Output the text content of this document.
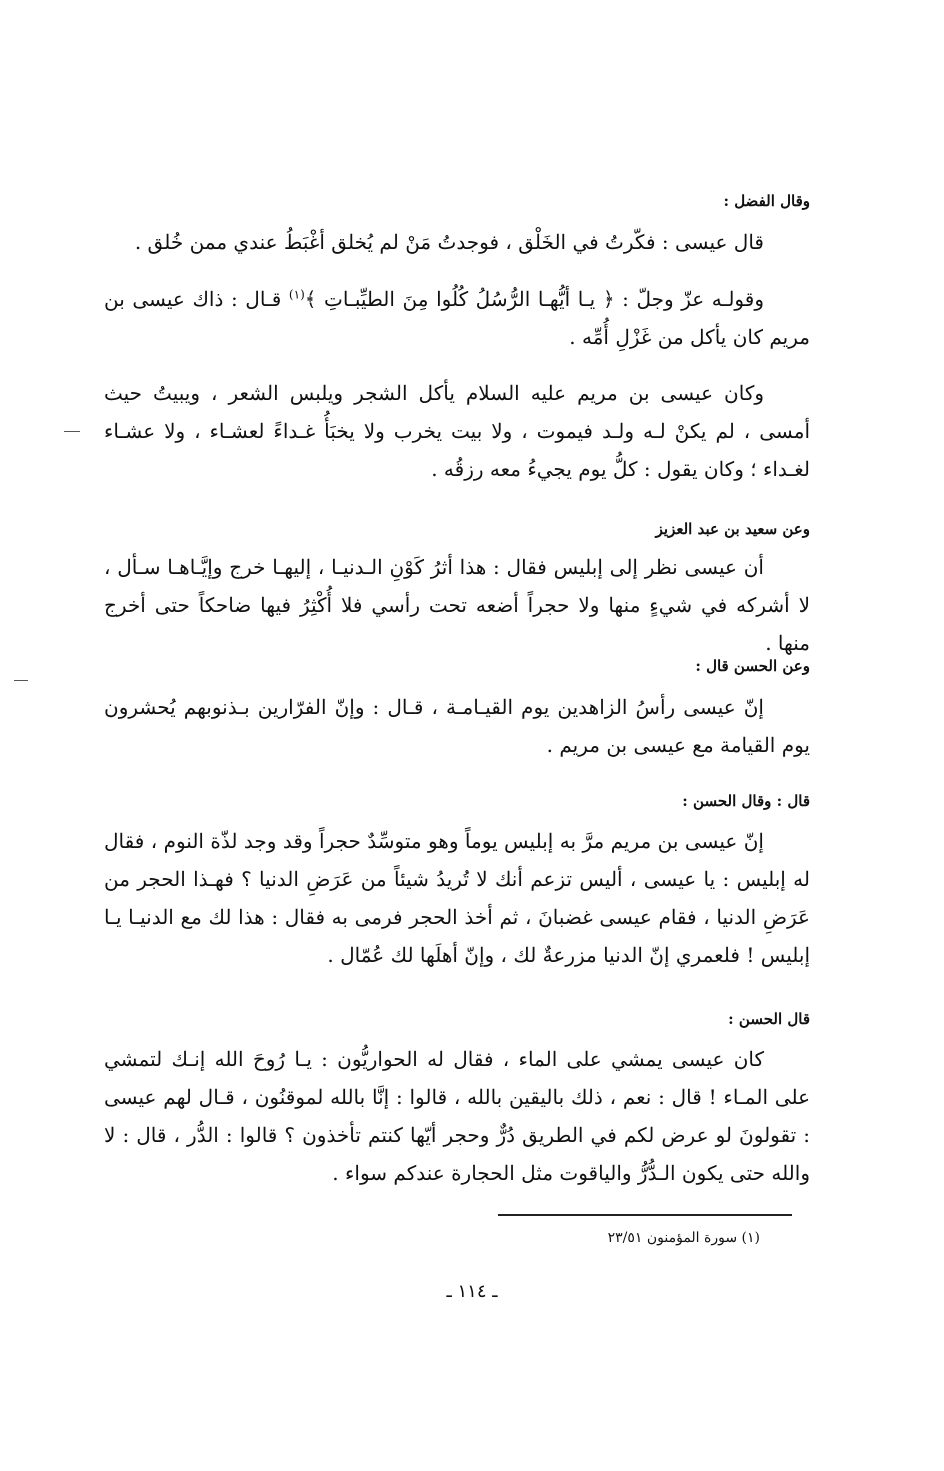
وقال الفضل :

قال عيسى : فكّرتُ في الخَلْق ، فوجدتُ مَنْ لم يُخلق أغْبَطُ عندي ممن خُلق .

وقولـه عزّ وجلّ : ﴿ يـا أيُّهـا الرُّسُلُ كُلُوا مِنَ الطيِّبـاتِ ﴾$^{(١)}$ قـال : ذاك عيسى بن مريم كان يأكل من غَزْلِ أُمِّه .

وكان عيسى بن مريم عليه السلام يأكل الشجر ويلبس الشعر ، ويبيتُ حيث أمسى ، لم يكنْ لـه ولـد فيموت ، ولا بيت يخرب ولا يخبَأُ غـداءً لعشـاء ، ولا عشـاء لغـداء ؛ وكان يقول : كلُّ يوم يجيءُ معه رزقُه .

وعن سعيد بن عبد العزيز

أن عيسى نظر إلى إبليس فقال : هذا أثرُ كَوْنِ الـدنيـا ، إليهـا خرج وإيَّـاهـا سـأل ، لا أشركه في شيءٍ منها ولا حجراً أضعه تحت رأسي فلا أُكْثِرُ فيها ضاحكاً حتى أخرج منها .

وعن الحسن قال :

إنّ عيسى رأسُ الزاهدين يوم القيـامـة ، قـال : وإنّ الفرّارين بـذنوبهم يُحشرون يوم القيامة مع عيسى بن مريم .

قال : وقال الحسن :

إنّ عيسى بن مريم مرَّ به إبليس يوماً وهو متوسِّدٌ حجراً وقد وجد لذّة النوم ، فقال له إبليس : يا عيسى ، أليس تزعم أنك لا تُريدُ شيئاً من عَرَضِ الدنيا ؟ فهـذا الحجر من عَرَضِ الدنيا ، فقام عيسى غضبانَ ، ثم أخذ الحجر فرمى به فقال : هذا لك مع الدنيـا يـا إبليس ! فلعمري إنّ الدنيا مزرعةٌ لك ، وإنّ أهلَها لك عُمّال .

قال الحسن :

كان عيسى يمشي على الماء ، فقال له الحواريُّون : يـا رُوحَ الله إنـك لتمشي على المـاء ! قال : نعم ، ذلك باليقين بالله ، قالوا : إنَّا بالله لموقنُون ، قـال لهم عيسى : تقولونَ لو عرض لكم في الطريق دُرٌّ وحجر أيّها كنتم تأخذون ؟ قالوا : الدُّر ، قال : لا والله حتى يكون الـدُّرُّ والياقوت مثل الحجارة عندكم سواء .

(١) سورة المؤمنون ٢٣/٥١
ـ ١١٤ ـ
